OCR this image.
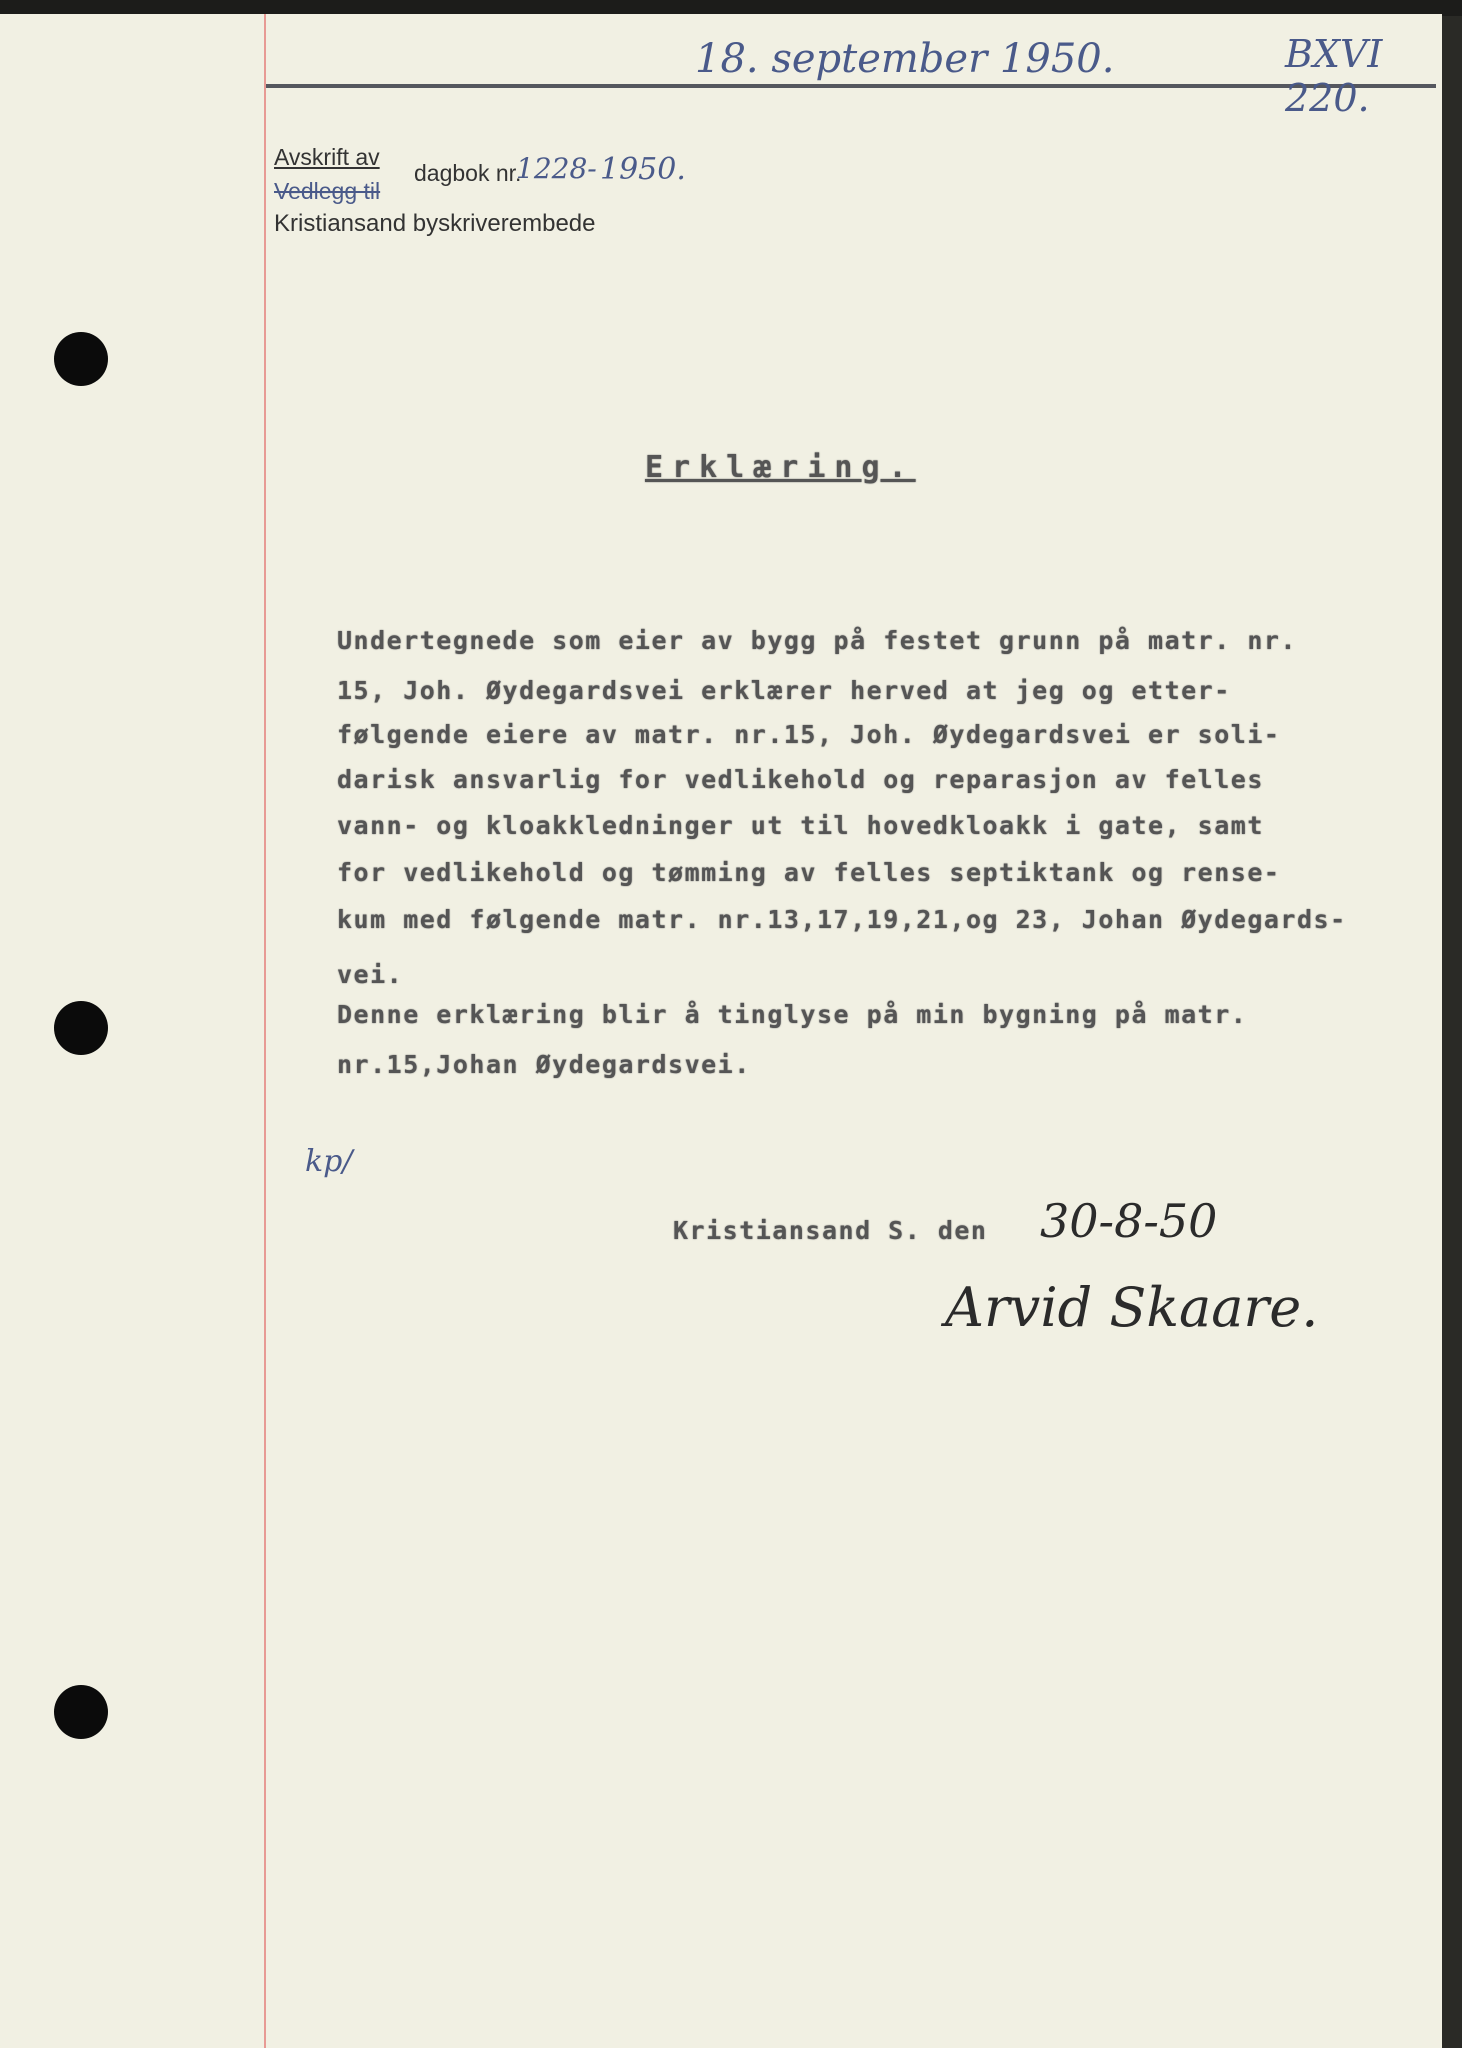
18. september 1950.	BXVI 220.
Avskrift av
Vedlegg til
dagbok nr.
1228- 1950.
Kristiansand byskriverembede
Erklæring.
Undertegnede som eier av bygg på festet grunn på matr. nr.
15, Joh. Øydegardsvei erklærer herved at jeg og etter-
følgende eiere av matr. nr.15, Joh. Øydegardsvei er soli-
darisk ansvarlig for vedlikehold og reparasjon av felles
vann- og kloakkledninger ut til hovedkloakk i gate, samt
for vedlikehold og tømming av felles septiktank og rense-
kum med følgende matr. nr.13,17,19,21,og 23, Johan Øydegards-
vei.
Denne erklæring blir å tinglyse på min bygning på matr.
nr.15,Johan Øydegardsvei.
kp/
Kristiansand S. den 30-8-50
Arvid Skaare.
